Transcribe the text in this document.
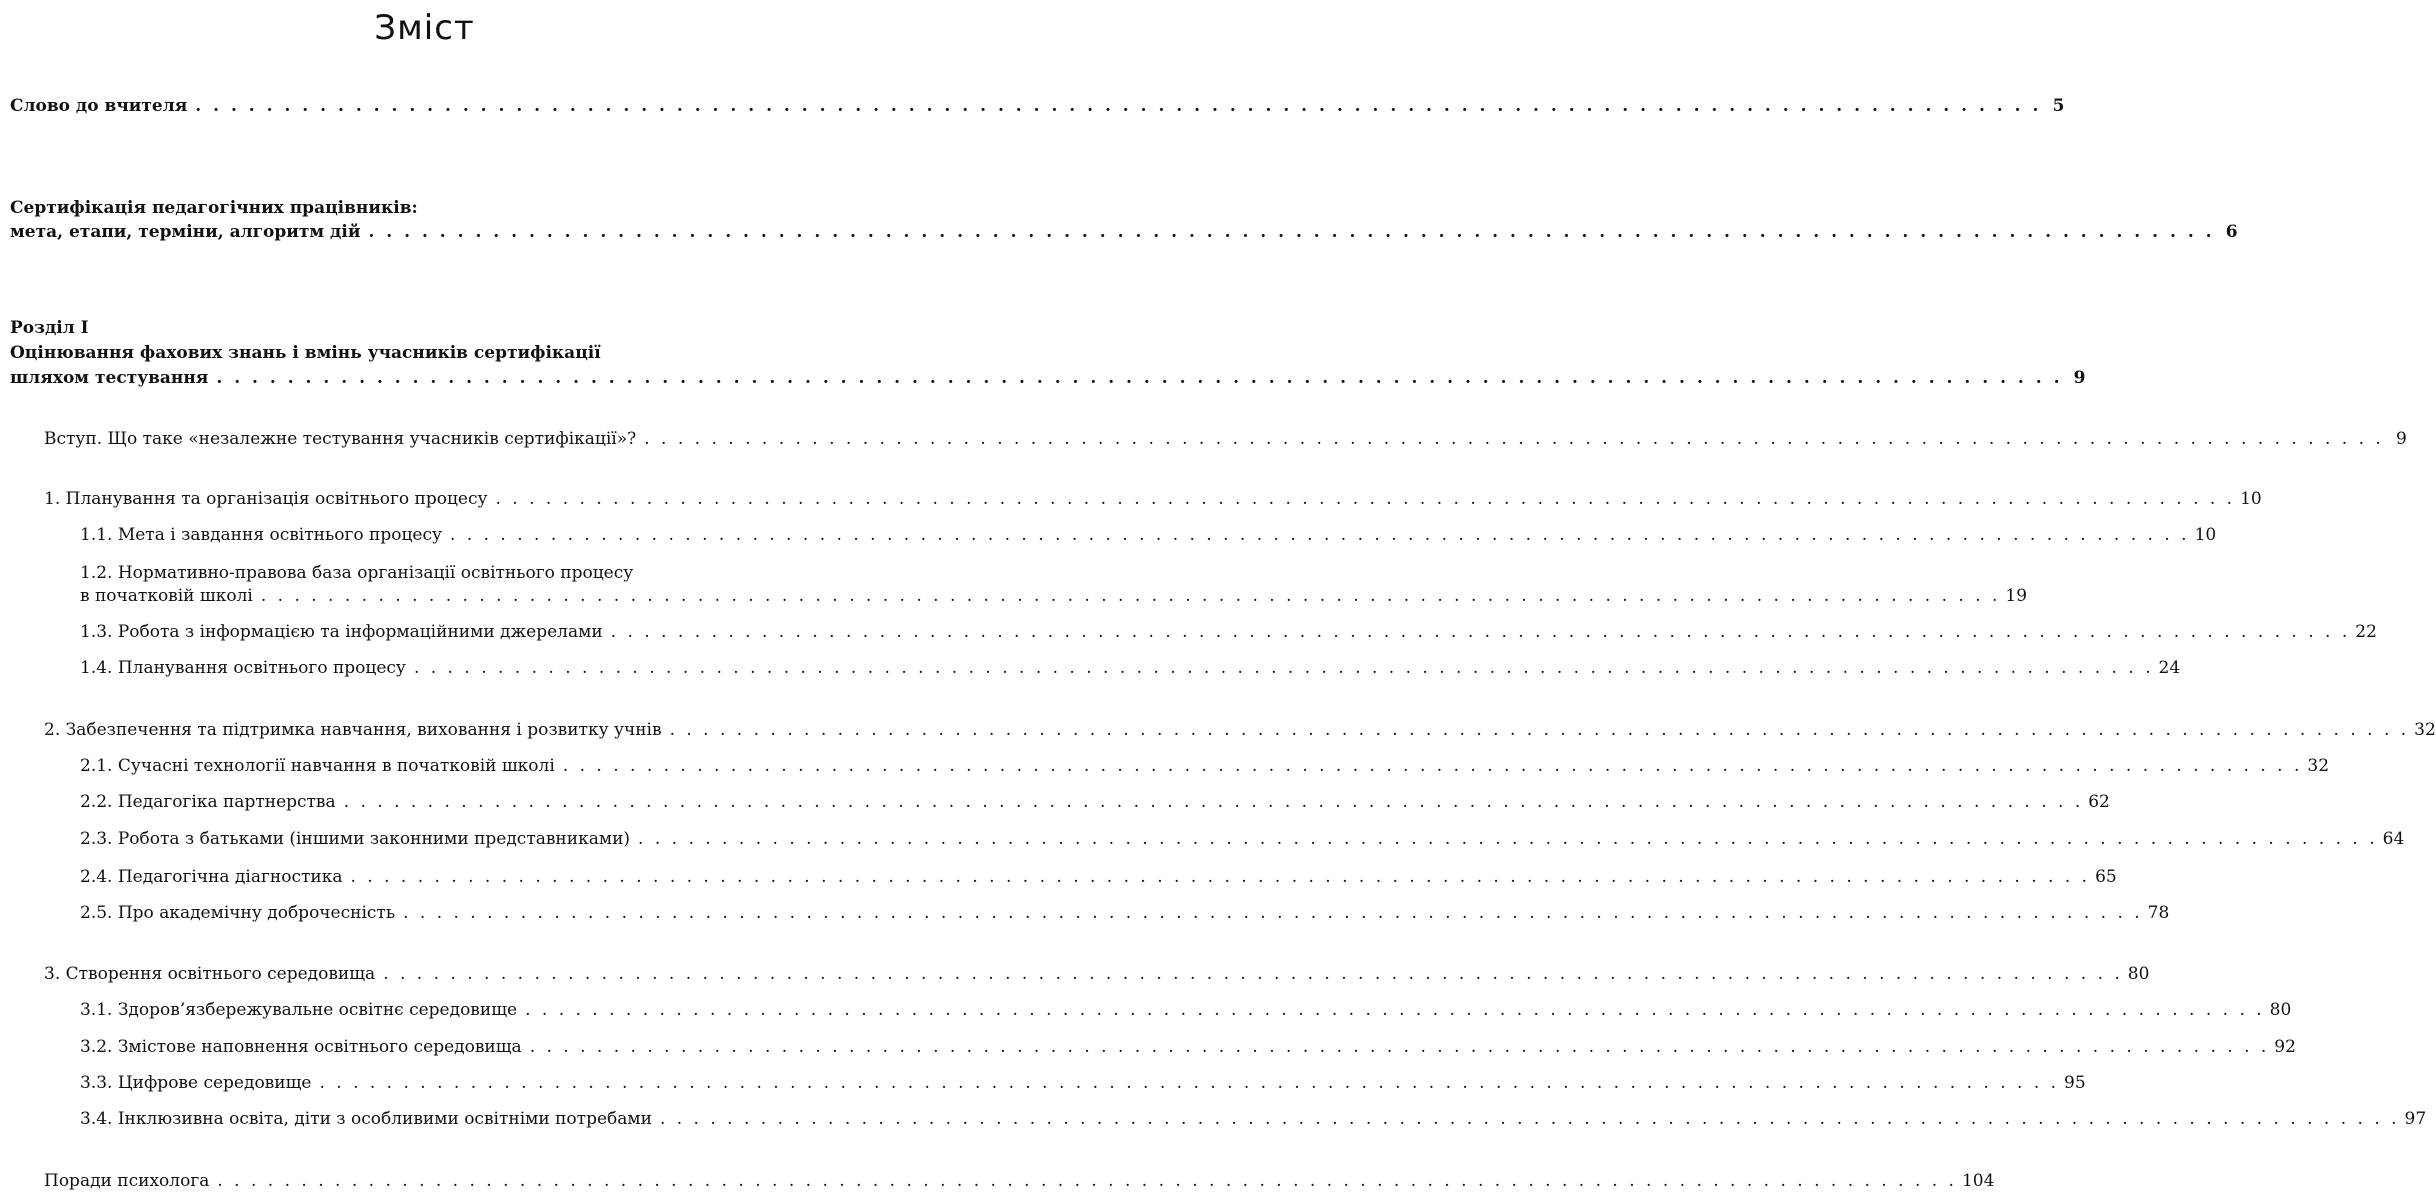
Зміст
Слово до вчителя . . .	5
Сертифікація педагогічних працівників:
мета, етапи, терміни, алгоритм дій . . .	6
Розділ І
Оцінювання фахових знань і вмінь учасників сертифікації
шляхом тестування . . .	9
Вступ. Що таке «незалежне тестування учасників сертифікації»? . . .	9
1. Планування та організація освітнього процесу . . .	10
1.1. Мета і завдання освітнього процесу . . .	10
1.2. Нормативно-правова база організації освітнього процесу
в початковій школі . . .	19
1.3. Робота з інформацією та інформаційними джерелами . . .	22
1.4. Планування освітнього процесу . . .	24
2. Забезпечення та підтримка навчання, виховання і розвитку учнів . . .	32
2.1. Сучасні технології навчання в початковій школі . . .	32
2.2. Педагогіка партнерства . . .	62
2.3. Робота з батьками (іншими законними представниками) . . .	64
2.4. Педагогічна діагностика . . .	65
2.5. Про академічну доброчесність . . .	78
3. Створення освітнього середовища . . .	80
3.1. Здоров’язбережувальне освітнє середовище . . .	80
3.2. Змістове наповнення освітнього середовища . . .	92
3.3. Цифрове середовище . . .	95
3.4. Інклюзивна освіта, діти з особливими освітніми потребами . . .	97
Поради психолога . . .	104
